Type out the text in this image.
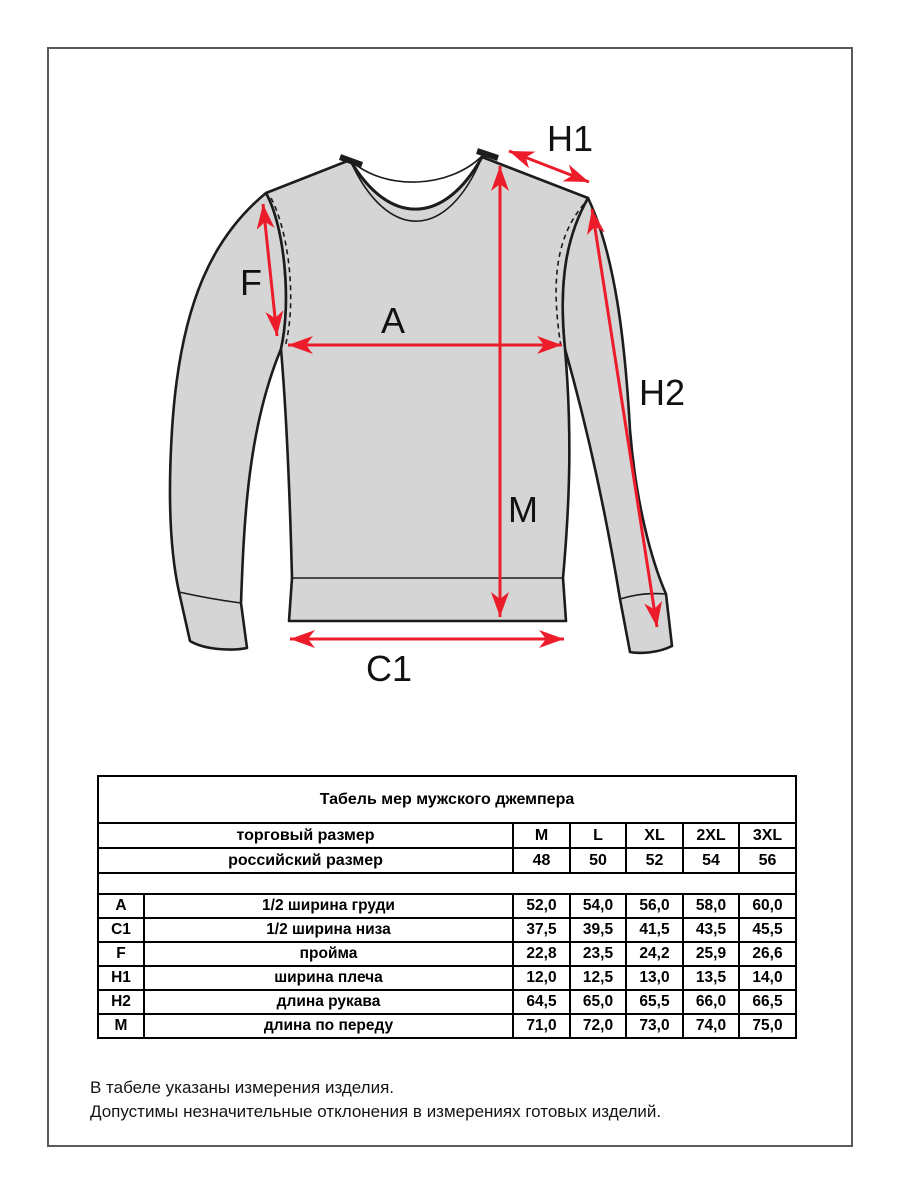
H1
F
A
M
H2
C1
Табель мер мужского джемпера						
торговый размер		M	L	XL	2XL	3XL
российский размер		48	50	52	54	56

A	1/2 ширина груди	52,0	54,0	56,0	58,0	60,0
C1	1/2 ширина низа	37,5	39,5	41,5	43,5	45,5
F	пройма	22,8	23,5	24,2	25,9	26,6
H1	ширина плеча	12,0	12,5	13,0	13,5	14,0
H2	длина рукава	64,5	65,0	65,5	66,0	66,5
M	длина по переду	71,0	72,0	73,0	74,0	75,0
В табеле указаны измерения изделия.
Допустимы незначительные отклонения в измерениях готовых изделий.
